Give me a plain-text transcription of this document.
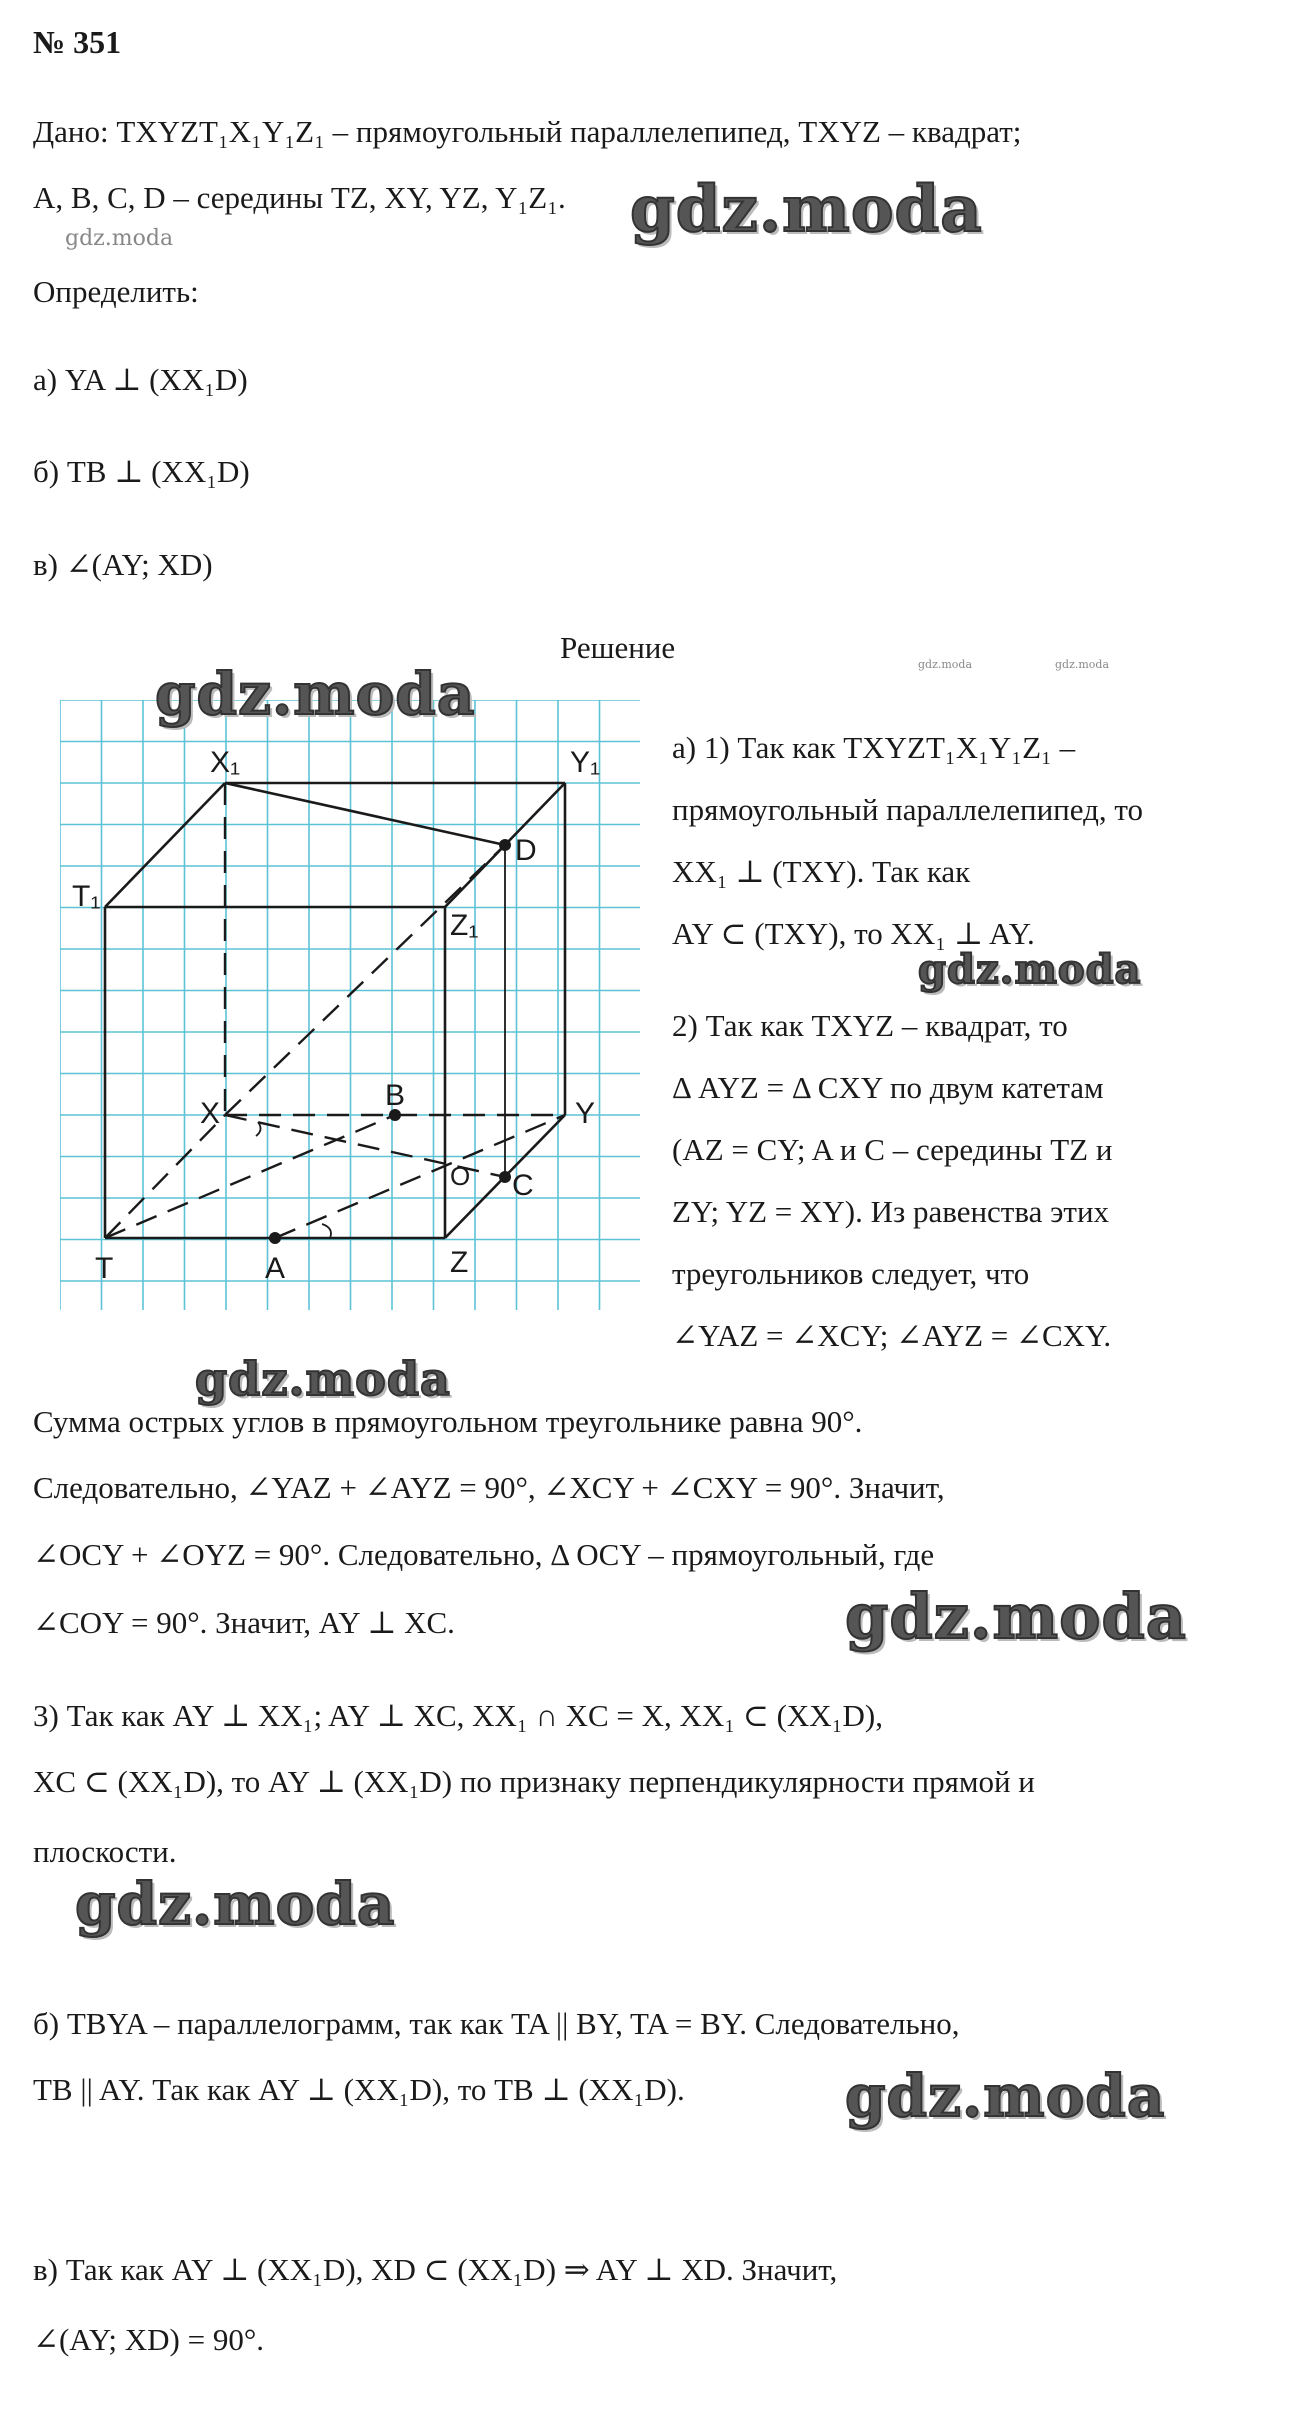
№ 351
Дано: TXYZT₁X₁Y₁Z₁ – прямоугольный параллелепипед, TXYZ – квадрат;
A, B, C, D – середины TZ, XY, YZ, Y₁Z₁.
Определить:
а) YA ⊥ (XX₁D)
б) TB ⊥ (XX₁D)
в) ∠(AY; XD)
Решение
X₁	Y₁
T₁
Z₁
D
X
B
Y
O C
T	A	Z
а) 1) Так как TXYZT₁X₁Y₁Z₁ –
прямоугольный параллелепипед, то
XX₁ ⊥ (TXY). Так как
AY ⊂ (TXY), то XX₁ ⊥ AY.
2) Так как TXYZ – квадрат, то
Δ AYZ = Δ CXY по двум катетам
(AZ = CY; A и C – середины TZ и
ZY; YZ = XY). Из равенства этих
треугольников следует, что
∠YAZ = ∠XCY; ∠AYZ = ∠CXY.
Сумма острых углов в прямоугольном треугольнике равна 90°.
Следовательно, ∠YAZ + ∠AYZ = 90°, ∠XCY + ∠CXY = 90°. Значит,
∠OCY + ∠OYZ = 90°. Следовательно, Δ OCY – прямоугольный, где
∠COY = 90°. Значит, AY ⊥ XC.
3) Так как AY ⊥ XX₁; AY ⊥ XC, XX₁ ∩ XC = X, XX₁ ⊂ (XX₁D),
XC ⊂ (XX₁D), то AY ⊥ (XX₁D) по признаку перпендикулярности прямой и
плоскости.
б) TBYA – параллелограмм, так как TA || BY, TA = BY. Следовательно,
TB || AY. Так как AY ⊥ (XX₁D), то TB ⊥ (XX₁D).
в) Так как AY ⊥ (XX₁D), XD ⊂ (XX₁D) ⇒ AY ⊥ XD. Значит,
∠(AY; XD) = 90°.
gdz.moda
gdz.moda
gdz.moda	gdz.moda	gdz.moda
gdz.moda
gdz.moda
gdz.moda
gdz.moda
gdz.moda
